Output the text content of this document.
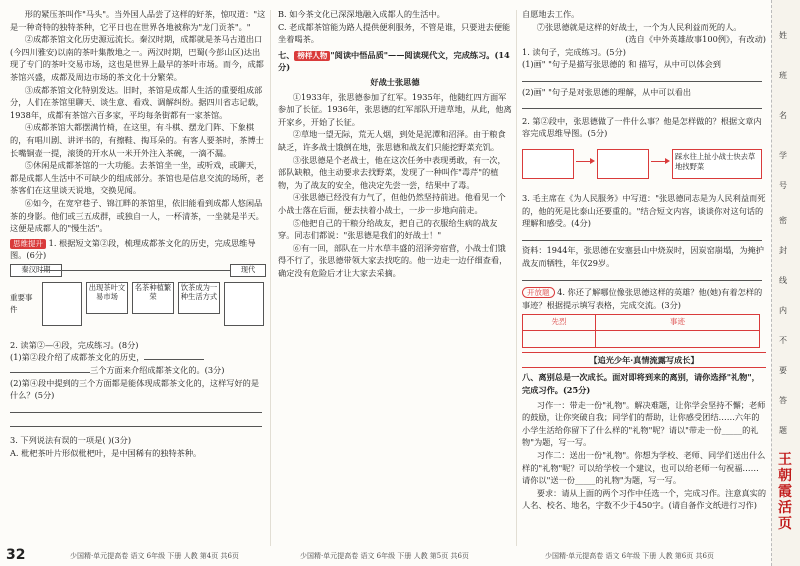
形的紧压茶叫作"马头"。当外国人品尝了这样的好茶，惊叹道："这是一种奇特的独特茶种，它平日也在世界各地被称为"龙门贡茶"。"

②成都茶馆文化历史源远流长。秦汉时期，成都就是茶马古道出口(今四川雅安)以南的茶叶集散地之一。两汉时期，巴蜀(今彭山区)达出现了专门的茶叶交易市场，这也是世界上最早的茶叶市场。而今，成都茶馆兴盛，成都及周边市场的茶文化十分繁荣。

③成都茶馆文化特别发达。旧时，茶馆是成都人生活的重要组成部分，人们在茶馆里聊天、谈生意、看戏、调解纠纷。据四川省志记载，1938年，成都有茶馆六百多家，平均每条街都有一家茶馆。

④成都茶馆大都摆满竹椅，在这里，有斗棋、摆龙门阵、下象棋的，有唱川剧、讲评书的，有擦鞋、掏耳朵的。有客人要茶时，茶博士长嘴铜壶一提，滚烫的开水从一米开外注入茶碗，一滴不漏。

⑤休闲是成都茶馆的一大功能。去茶馆坐一坐，或听戏，或聊天，都是成都人生活中不可缺少的组成部分。茶馆也是信息交流的场所，老茶客们在这里谈天说地，交换见闻。

⑥如今，在宽窄巷子、锦江畔的茶馆里，依旧能看到成都人悠闲品茶的身影。他们或三五成群，或独自一人，一杯清茶，一坐就是半天。这便是成都人的"慢生活"。

思维提升 1. 根据短文第②段，梳理成都茶文化的历史，完成思维导图。(6分)
秦汉时期	现代
重要事件
出现茶叶文易市场
名茶种植繁荣
饮茶成为一种生活方式
2. 读第②—④段，完成练习。(8分)
(1)第②段介绍了成都茶文化的历史，
三个方面来介绍成都茶文化的。(3分)
(2)第④段中提到的三个方面都是能体现成都茶文化的，这样写好的是什么？(5分)

3. 下列说法有误的一项是( )(3分)
A. 枇杷茶叶片形似枇杷叶，是中国稀有的独特茶种。
32	少国精·单元提高卷 语文 6年级 下册 人教 第4页 共6页
B. 如今茶文化已深深地融入成都人的生活中。
C. 老成都茶馆能为路人提供便利服务，不管是谁，只要进去便能坐着喝茶。
七、 榜样人物 "阅读中悟品质"——阅读现代文，完成练习。(14分)
好战士张思德

①1933年，张思德参加了红军。1935年，他随红四方面军参加了长征。1936年，张思德的红军部队开进草地，从此，他离开家乡，开始了长征。

②草地一望无际，荒无人烟，到处是泥潭和沼泽。由于粮食缺乏，许多战士饿倒在地，张思德和战友们只能挖野菜充饥。

③张思德是个老战士，他在这次任务中表现勇敢，有一次，部队缺粮，他主动要求去找野菜，发现了一种叫作"毒芹"的植物，为了战友的安全，他决定先尝一尝，结果中了毒。

④张思德已经没有力气了，但他仍然坚持前进。他看见一个小战士落在后面，便去扶着小战士，一步一步地向前走。

⑤他把自己的干粮分给战友，把自己的衣服给生病的战友穿。同志们都说："张思德是我们的好战士！"

⑥有一回，部队在一片水草丰盛的沼泽旁宿营，小战士们饿得不行了，张思德带领大家去找吃的。他一边走一边仔细查看，确定没有危险后才让大家去采摘。

少国精·单元提高卷 语文 6年级 下册 人教 第5页 共6页
自愿地去工作。

⑦张思德就是这样的好战士，一个为人民利益而死的人。

(选自《中外英雄故事100例》，有改动)
1. 读句子，完成练习。(5分)
(1)画" "句子是描写张思德的 和 描写，从中可以体会到
(2)画" "句子是对张思德的理解，从中可以看出
2. 第②段中，张思德做了一件什么事？他是怎样做的？根据文章内容完成思维导图。(5分)
踩水往上扯小战士快去草地找野菜
3. 毛主席在《为人民服务》中写道："张思德同志是为人民利益而死的，他的死是比泰山还要重的。"结合短文内容，谈谈你对这句话的理解和感受。(4分)
资料：1944年，张思德在安塞县山中烧炭时，因炭窑崩塌，为掩护战友而牺牲，年仅29岁。
开放题 4. 你还了解哪位像张思德这样的英雄？他(她)有着怎样的事迹？根据提示填写表格，完成交流。(3分)
先烈	事迹

【追光少年·真情流露写成长】
八、离别总是一次成长。面对即将到来的离别，请你选择"礼物"，完成习作。(25分)

习作一：带走一份"礼物"。解决难题，让你学会坚持不懈；老师的鼓励，让你突破自我；同学们的帮助，让你感受团结……六年的小学生活给你留下了什么样的"礼物"呢？请以"带走一份_____的礼物"为题，写一写。

习作二：送出一份"礼物"。你想为学校、老师、同学们送出什么样的"礼物"呢？可以给学校一个建议，也可以给老师一句祝福……请你以"送一份_____的礼物"为题，写一写。

要求：请从上面的两个习作中任选一个，完成习作。注意真实的人名、校名、地名，字数不少于450字。(请自备作文纸进行习作)

少国精·单元提高卷 语文 6年级 下册 人教 第6页 共6页
姓
班
名
学
号
密
封
线
内
不
要
答
题
王朝霞活页
